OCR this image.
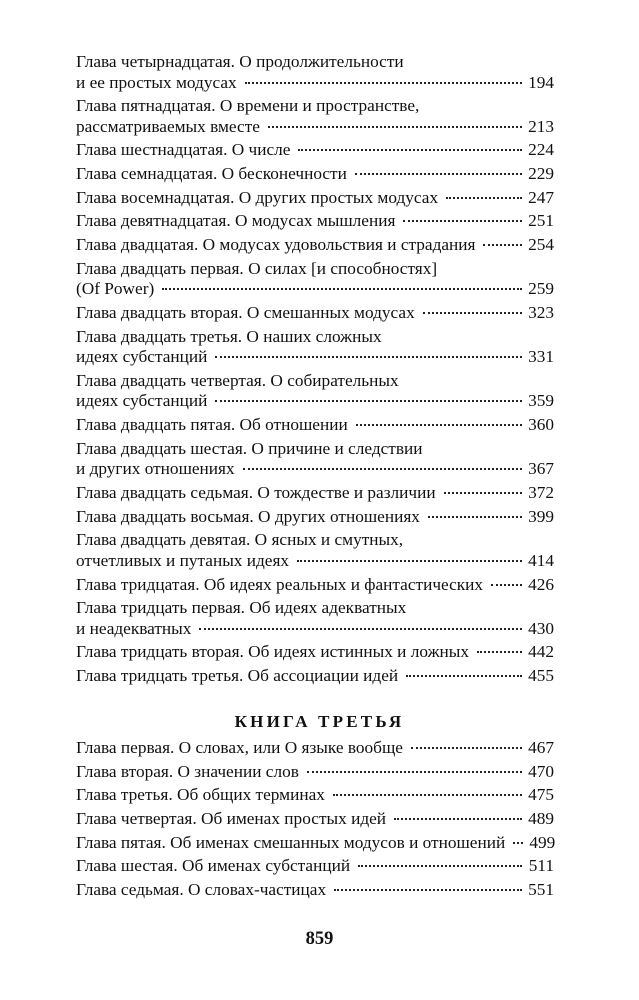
Глава четырнадцатая. О продолжительности
и ее простых модусах	194
Глава пятнадцатая. О времени и пространстве,
рассматриваемых вместе	213
Глава шестнадцатая. О числе	224
Глава семнадцатая. О бесконечности	229
Глава восемнадцатая. О других простых модусах	247
Глава девятнадцатая. О модусах мышления	251
Глава двадцатая. О модусах удовольствия и страдания	254
Глава двадцать первая. О силах [и способностях]
(Of Power)	259
Глава двадцать вторая. О смешанных модусах	323
Глава двадцать третья. О наших сложных
идеях субстанций	331
Глава двадцать четвертая. О собирательных
идеях субстанций	359
Глава двадцать пятая. Об отношении	360
Глава двадцать шестая. О причине и следствии
и других отношениях	367
Глава двадцать седьмая. О тождестве и различии	372
Глава двадцать восьмая. О других отношениях	399
Глава двадцать девятая. О ясных и смутных,
отчетливых и путаных идеях	414
Глава тридцатая. Об идеях реальных и фантастических	426
Глава тридцать первая. Об идеях адекватных
и неадекватных	430
Глава тридцать вторая. Об идеях истинных и ложных	442
Глава тридцать третья. Об ассоциации идей	455
КНИГА ТРЕТЬЯ
Глава первая. О словах, или О языке вообще	467
Глава вторая. О значении слов	470
Глава третья. Об общих терминах	475
Глава четвертая. Об именах простых идей	489
Глава пятая. Об именах смешанных модусов и отношений 499
Глава шестая. Об именах субстанций	511
Глава седьмая. О словах-частицах	551
859
